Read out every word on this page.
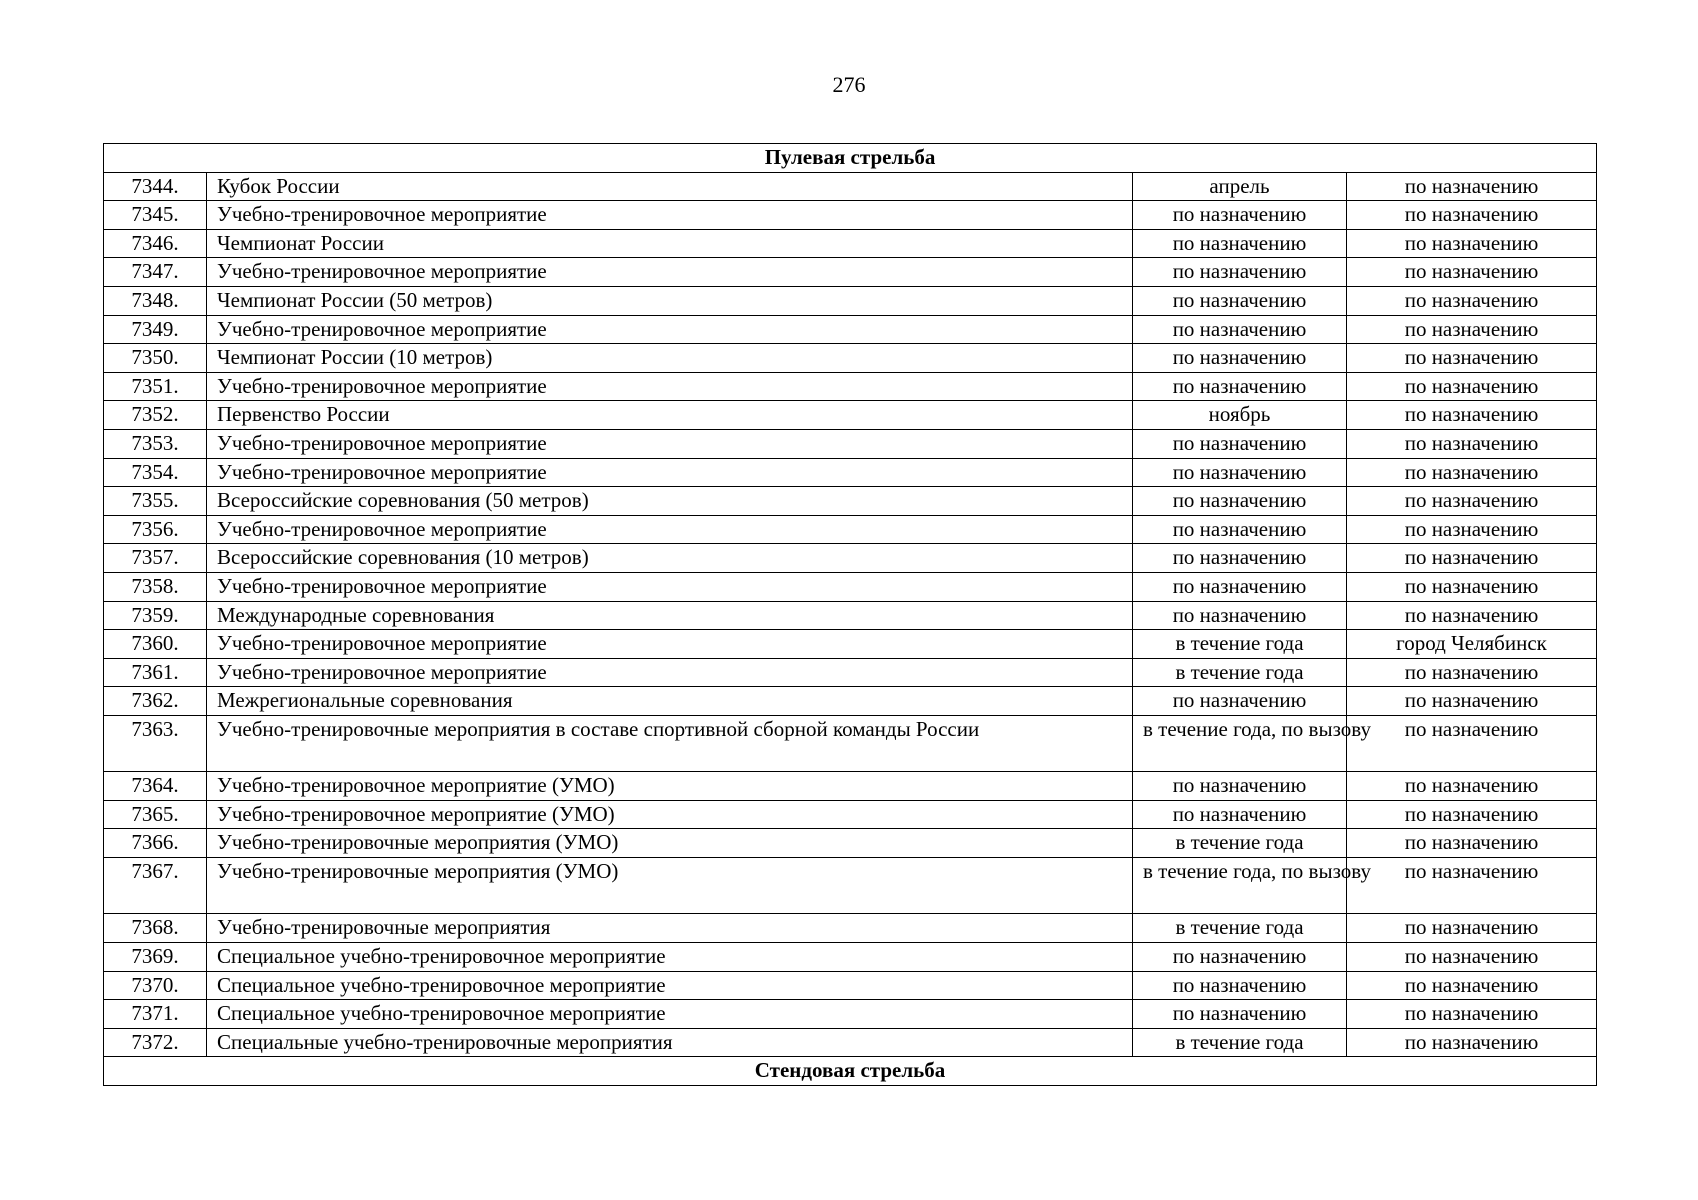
276
Пулевая стрельба			
7344.	Кубок России	апрель	по назначению
7345.	Учебно-тренировочное мероприятие	по назначению	по назначению
7346.	Чемпионат России	по назначению	по назначению
7347.	Учебно-тренировочное мероприятие	по назначению	по назначению
7348.	Чемпионат России (50 метров)	по назначению	по назначению
7349.	Учебно-тренировочное мероприятие	по назначению	по назначению
7350.	Чемпионат России (10 метров)	по назначению	по назначению
7351.	Учебно-тренировочное мероприятие	по назначению	по назначению
7352.	Первенство России	ноябрь	по назначению
7353.	Учебно-тренировочное мероприятие	по назначению	по назначению
7354.	Учебно-тренировочное мероприятие	по назначению	по назначению
7355.	Всероссийские соревнования (50 метров)	по назначению	по назначению
7356.	Учебно-тренировочное мероприятие	по назначению	по назначению
7357.	Всероссийские соревнования (10 метров)	по назначению	по назначению
7358.	Учебно-тренировочное мероприятие	по назначению	по назначению
7359.	Международные соревнования	по назначению	по назначению
7360.	Учебно-тренировочное мероприятие	в течение года	город Челябинск
7361.	Учебно-тренировочное мероприятие	в течение года	по назначению
7362.	Межрегиональные соревнования	по назначению	по назначению
7363.	Учебно-тренировочные мероприятия в составе спортивной сборной команды России	в течение года, по вызову	по назначению
7364.	Учебно-тренировочное мероприятие (УМО)	по назначению	по назначению
7365.	Учебно-тренировочное мероприятие (УМО)	по назначению	по назначению
7366.	Учебно-тренировочные мероприятия (УМО)	в течение года	по назначению
7367.	Учебно-тренировочные мероприятия (УМО)	в течение года, по вызову	по назначению
7368.	Учебно-тренировочные мероприятия	в течение года	по назначению
7369.	Специальное учебно-тренировочное мероприятие	по назначению	по назначению
7370.	Специальное учебно-тренировочное мероприятие	по назначению	по назначению
7371.	Специальное учебно-тренировочное мероприятие	по назначению	по назначению
7372.	Специальные учебно-тренировочные мероприятия	в течение года	по назначению
Стендовая стрельба			
